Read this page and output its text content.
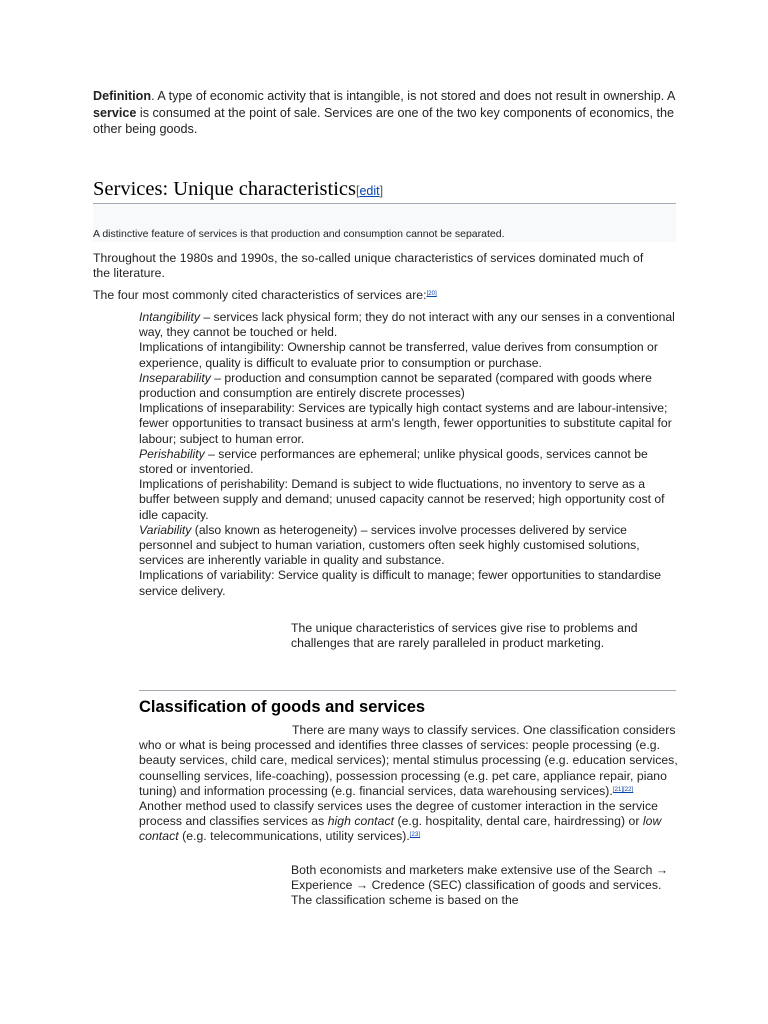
Definition. A type of economic activity that is intangible, is not stored and does not result in ownership. A service is consumed at the point of sale. Services are one of the two key components of economics, the other being goods.

Services: Unique characteristics[edit]

A distinctive feature of services is that production and consumption cannot be separated.

Throughout the 1980s and 1990s, the so-called unique characteristics of services dominated much of the literature.

The four most commonly cited characteristics of services are:[20]

Intangibility – services lack physical form; they do not interact with any our senses in a conventional way, they cannot be touched or held.

Implications of intangibility: Ownership cannot be transferred, value derives from consumption or experience, quality is difficult to evaluate prior to consumption or purchase.

Inseparability – production and consumption cannot be separated (compared with goods where production and consumption are entirely discrete processes)

Implications of inseparability: Services are typically high contact systems and are labour-intensive; fewer opportunities to transact business at arm's length, fewer opportunities to substitute capital for labour; subject to human error.

Perishability – service performances are ephemeral; unlike physical goods, services cannot be stored or inventoried.

Implications of perishability: Demand is subject to wide fluctuations, no inventory to serve as a buffer between supply and demand; unused capacity cannot be reserved; high opportunity cost of idle capacity.

Variability (also known as heterogeneity) – services involve processes delivered by service personnel and subject to human variation, customers often seek highly customised solutions, services are inherently variable in quality and substance.

Implications of variability: Service quality is difficult to manage; fewer opportunities to standardise service delivery.

The unique characteristics of services give rise to problems and challenges that are rarely paralleled in product marketing.

Classification of goods and services

There are many ways to classify services. One classification considers who or what is being processed and identifies three classes of services: people processing (e.g. beauty services, child care, medical services); mental stimulus processing (e.g. education services, counselling services, life-coaching), possession processing (e.g. pet care, appliance repair, piano tuning) and information processing (e.g. financial services, data warehousing services).[21][22] Another method used to classify services uses the degree of customer interaction in the service process and classifies services as high contact (e.g. hospitality, dental care, hairdressing) or low contact (e.g. telecommunications, utility services).[23]

Both economists and marketers make extensive use of the Search → Experience → Credence (SEC) classification of goods and services. The classification scheme is based on the
